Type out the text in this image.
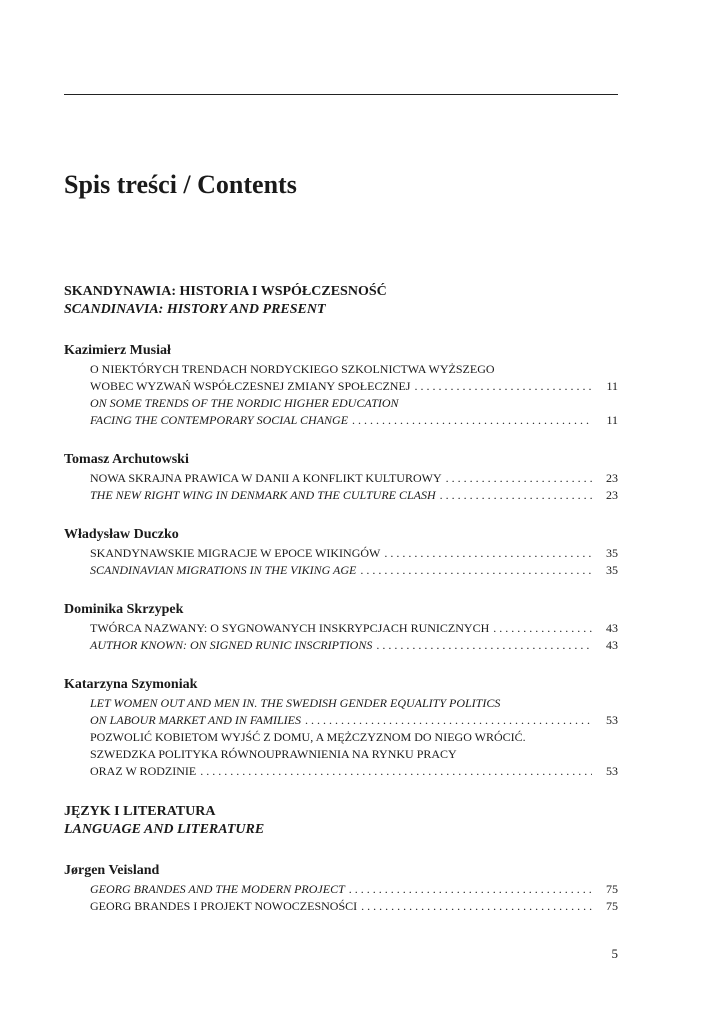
Spis treści / Contents
SKANDYNAWIA: HISTORIA I WSPÓŁCZESNOŚĆ
SCANDINAVIA: HISTORY AND PRESENT
Kazimierz Musiał
O NIEKTÓRYCH TRENDACH NORDYCKIEGO SZKOLNICTWA WYŻSZEGO
WOBEC WYZWAŃ WSPÓŁCZESNEJ ZMIANY SPOŁECZNEJ . . .	11
ON SOME TRENDS OF THE NORDIC HIGHER EDUCATION
FACING THE CONTEMPORARY SOCIAL CHANGE . . .	11
Tomasz Archutowski
NOWA SKRAJNA PRAWICA W DANII A KONFLIKT KULTUROWY . . .	23
THE NEW RIGHT WING IN DENMARK AND THE CULTURE CLASH . . .	23
Władysław Duczko
SKANDYNAWSKIE MIGRACJE W EPOCE WIKINGÓW . . .	35
SCANDINAVIAN MIGRATIONS IN THE VIKING AGE . . .	35
Dominika Skrzypek
TWÓRCA NAZWANY: O SYGNOWANYCH INSKRYPCJACH RUNICZNYCH . . .	43
AUTHOR KNOWN: ON SIGNED RUNIC INSCRIPTIONS . . .	43
Katarzyna Szymoniak
LET WOMEN OUT AND MEN IN. THE SWEDISH GENDER EQUALITY POLITICS
ON LABOUR MARKET AND IN FAMILIES . . .	53
POZWOLIĆ KOBIETOM WYJŚĆ Z DOMU, A MĘŻCZYZNOM DO NIEGO WRÓCIĆ.
SZWEDZKA POLITYKA RÓWNOUPRAWNIENIA NA RYNKU PRACY
ORAZ W RODZINIE . . .	53
JĘZYK I LITERATURA
LANGUAGE AND LITERATURE
Jørgen Veisland
GEORG BRANDES AND THE MODERN PROJECT . . .	75
GEORG BRANDES I PROJEKT NOWOCZESNOŚCI . . .	75
5
